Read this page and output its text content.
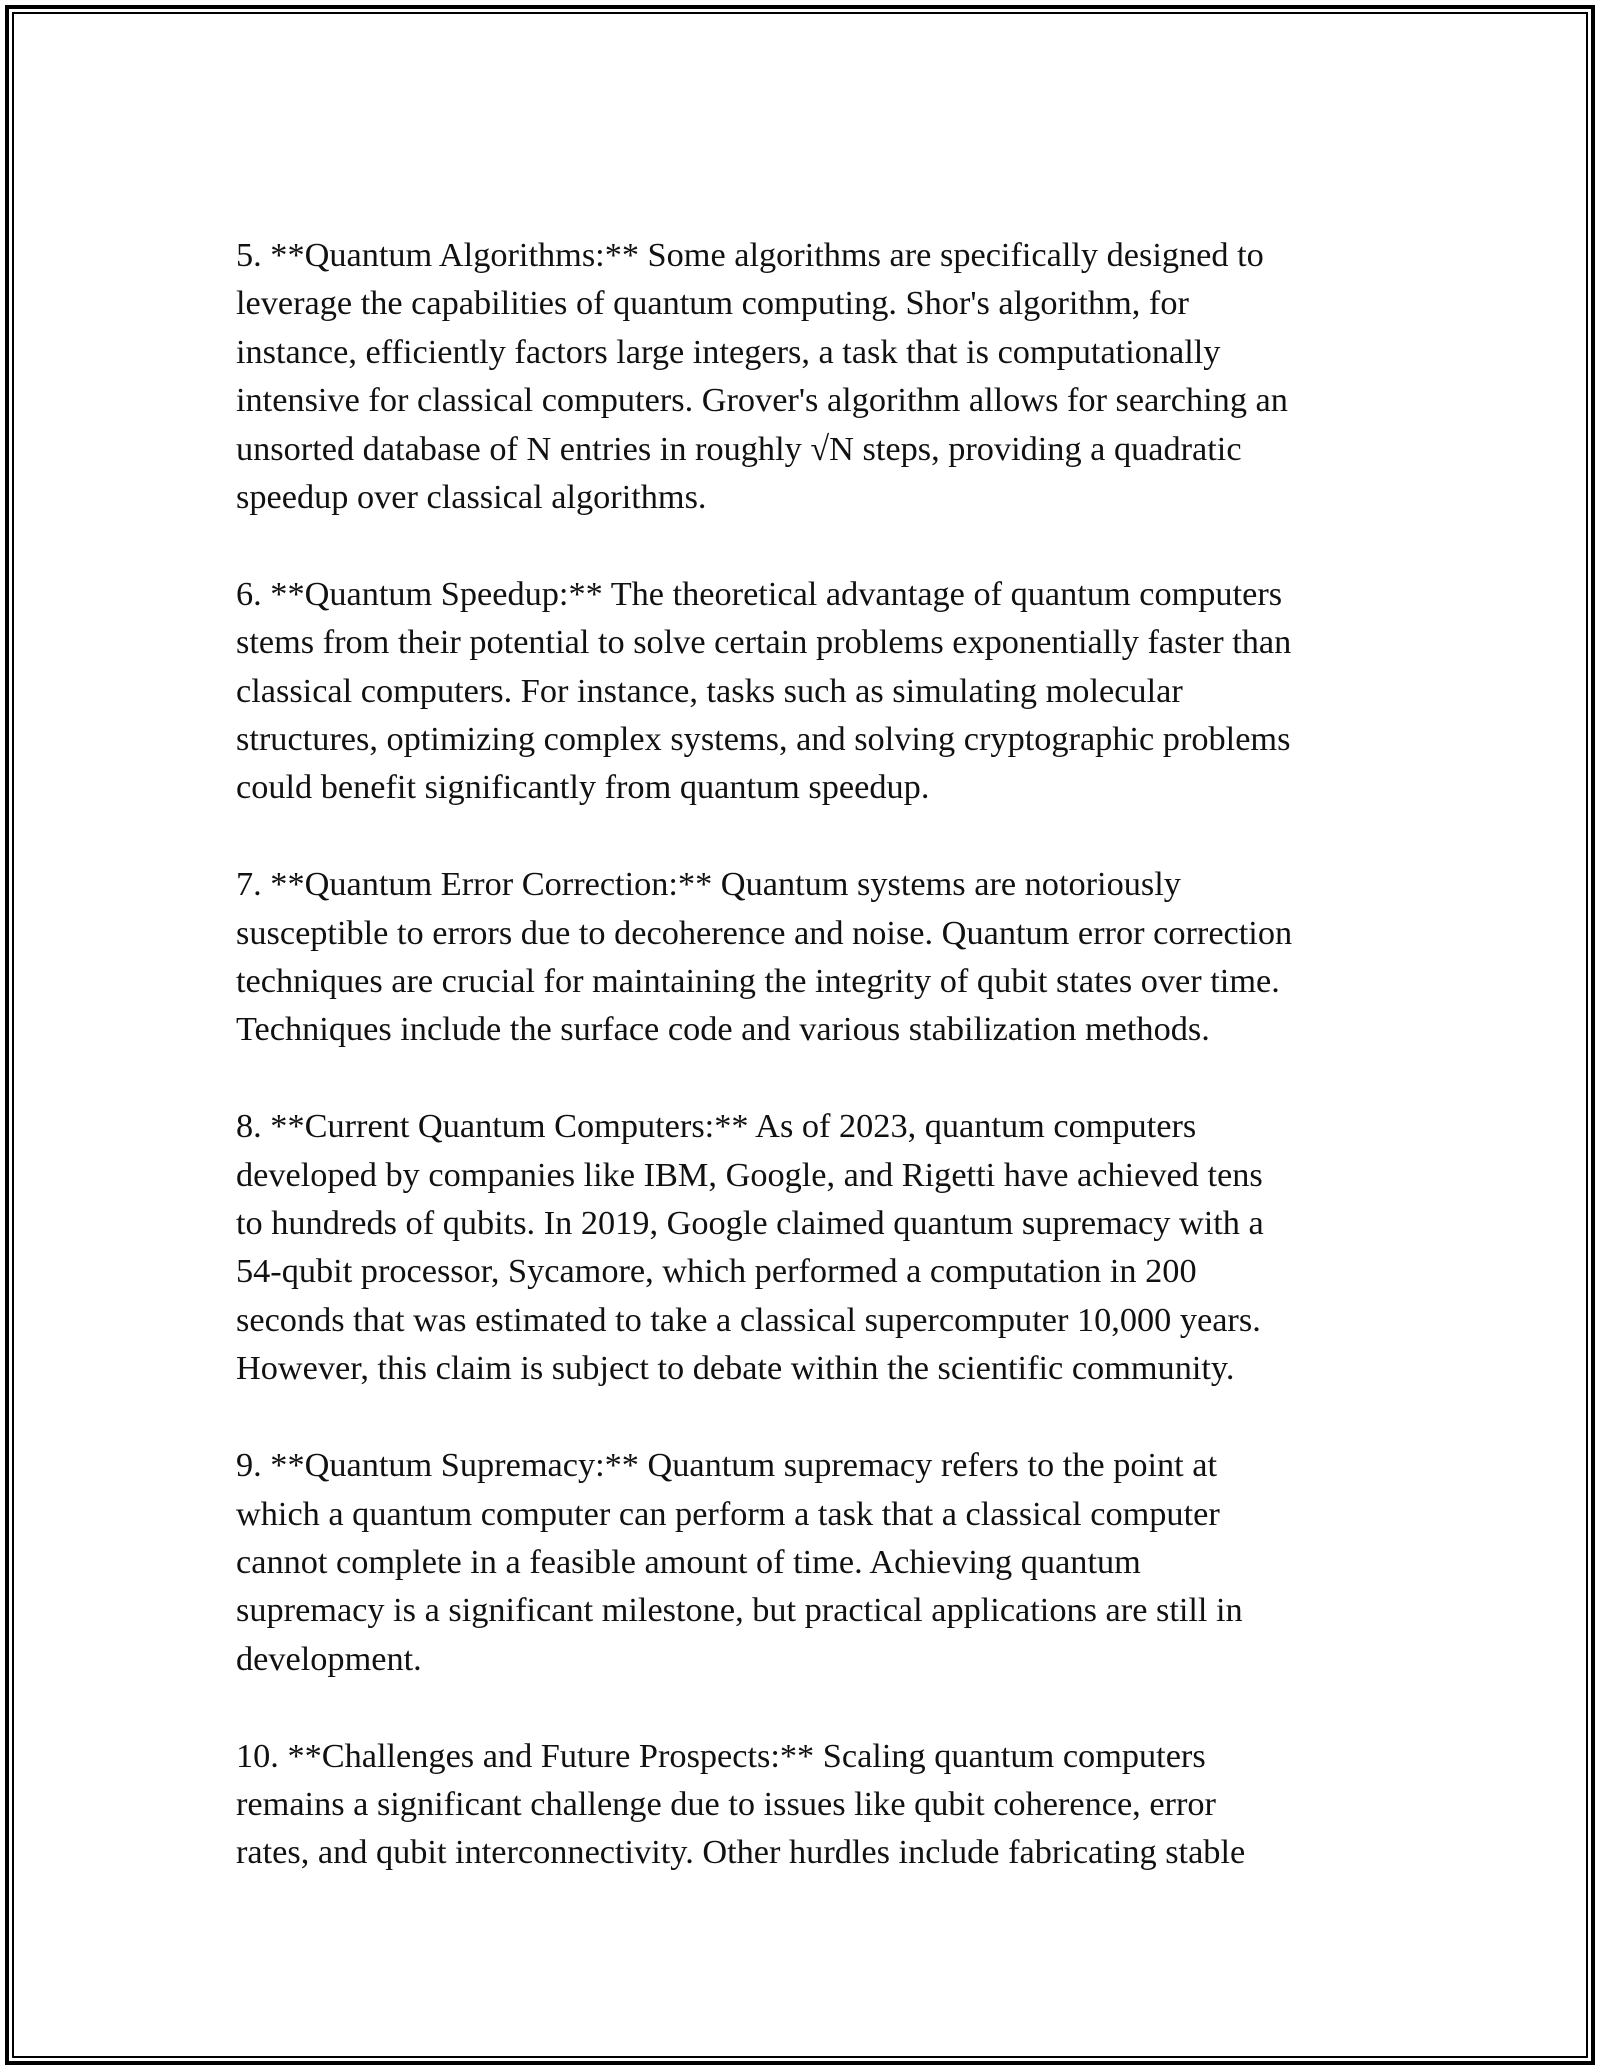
5. **Quantum Algorithms:** Some algorithms are specifically designed to
leverage the capabilities of quantum computing. Shor's algorithm, for
instance, efficiently factors large integers, a task that is computationally
intensive for classical computers. Grover's algorithm allows for searching an
unsorted database of N entries in roughly √N steps, providing a quadratic
speedup over classical algorithms.
6. **Quantum Speedup:** The theoretical advantage of quantum computers
stems from their potential to solve certain problems exponentially faster than
classical computers. For instance, tasks such as simulating molecular
structures, optimizing complex systems, and solving cryptographic problems
could benefit significantly from quantum speedup.
7. **Quantum Error Correction:** Quantum systems are notoriously
susceptible to errors due to decoherence and noise. Quantum error correction
techniques are crucial for maintaining the integrity of qubit states over time.
Techniques include the surface code and various stabilization methods.
8. **Current Quantum Computers:** As of 2023, quantum computers
developed by companies like IBM, Google, and Rigetti have achieved tens
to hundreds of qubits. In 2019, Google claimed quantum supremacy with a
54-qubit processor, Sycamore, which performed a computation in 200
seconds that was estimated to take a classical supercomputer 10,000 years.
However, this claim is subject to debate within the scientific community.
9. **Quantum Supremacy:** Quantum supremacy refers to the point at
which a quantum computer can perform a task that a classical computer
cannot complete in a feasible amount of time. Achieving quantum
supremacy is a significant milestone, but practical applications are still in
development.
10. **Challenges and Future Prospects:** Scaling quantum computers
remains a significant challenge due to issues like qubit coherence, error
rates, and qubit interconnectivity. Other hurdles include fabricating stable
